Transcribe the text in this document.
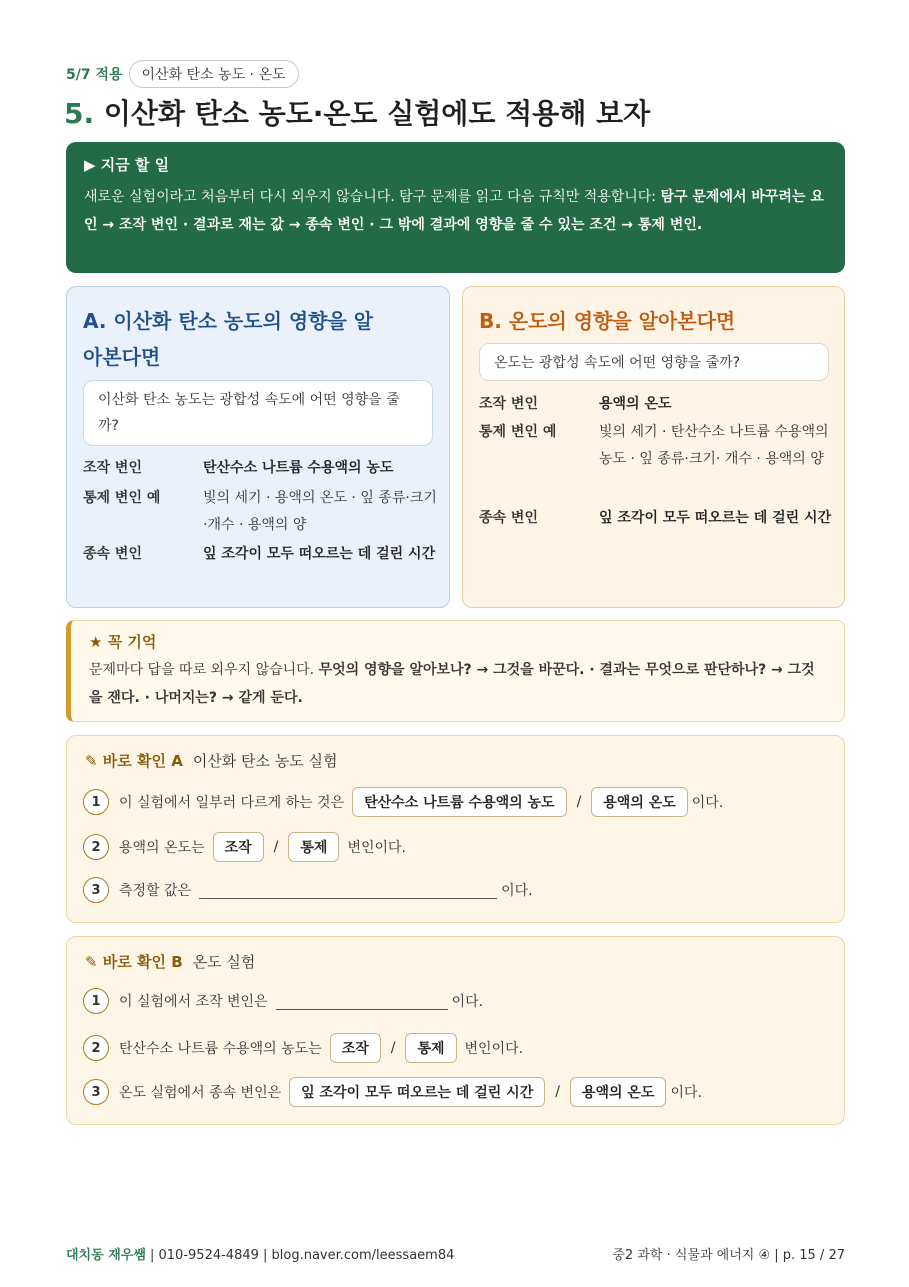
5/7 적용	이산화 탄소 농도 · 온도
5. 이산화 탄소 농도·온도 실험에도 적용해 보자
▶ 지금 할 일

새로운 실험이라고 처음부터 다시 외우지 않습니다. 탐구 문제를 읽고 다음 규칙만 적용합니다: 탐구 문제에서 바꾸려는 요인 → 조작 변인 · 결과로 재는 값 → 종속 변인 · 그 밖에 결과에 영향을 줄 수 있는 조건 → 통제 변인.

A. 이산화 탄소 농도의 영향을 알아본다면
이산화 탄소 농도는 광합성 속도에 어떤 영향을 줄까?
조작 변인	탄산수소 나트륨 수용액의 농도
통제 변인 예	빛의 세기 · 용액의 온도 · 잎 종류·크기·개수 · 용액의 양
종속 변인	잎 조각이 모두 떠오르는 데 걸린 시간
B. 온도의 영향을 알아본다면
온도는 광합성 속도에 어떤 영향을 줄까?
조작 변인	용액의 온도
통제 변인 예	빛의 세기 · 탄산수소 나트륨 수용액의 농도 · 잎 종류·크기· 개수 · 용액의 양
종속 변인	잎 조각이 모두 떠오르는 데 걸린 시간
★ 꼭 기억

문제마다 답을 따로 외우지 않습니다. 무엇의 영향을 알아보나? → 그것을 바꾼다. · 결과는 무엇으로 판단하나? → 그것을 잰다. · 나머지는? → 같게 둔다.

✎ 바로 확인 A 이산화 탄소 농도 실험
1	이 실험에서 일부러 다르게 하는 것은	탄산수소 나트륨 수용액의 농도	/	용액의 온도	이다.
2	용액의 온도는	조작	/	통제	변인이다.
3	측정할 값은	이다.
✎ 바로 확인 B 온도 실험
1	이 실험에서 조작 변인은	이다.
2	탄산수소 나트륨 수용액의 농도는	조작	/	통제	변인이다.
3	온도 실험에서 종속 변인은	잎 조각이 모두 떠오르는 데 걸린 시간	/	용액의 온도	이다.
대치동 재우쌤 | 010-9524-4849 | blog.naver.com/leessaem84	중2 과학 · 식물과 에너지 ④ | p. 15 / 27
